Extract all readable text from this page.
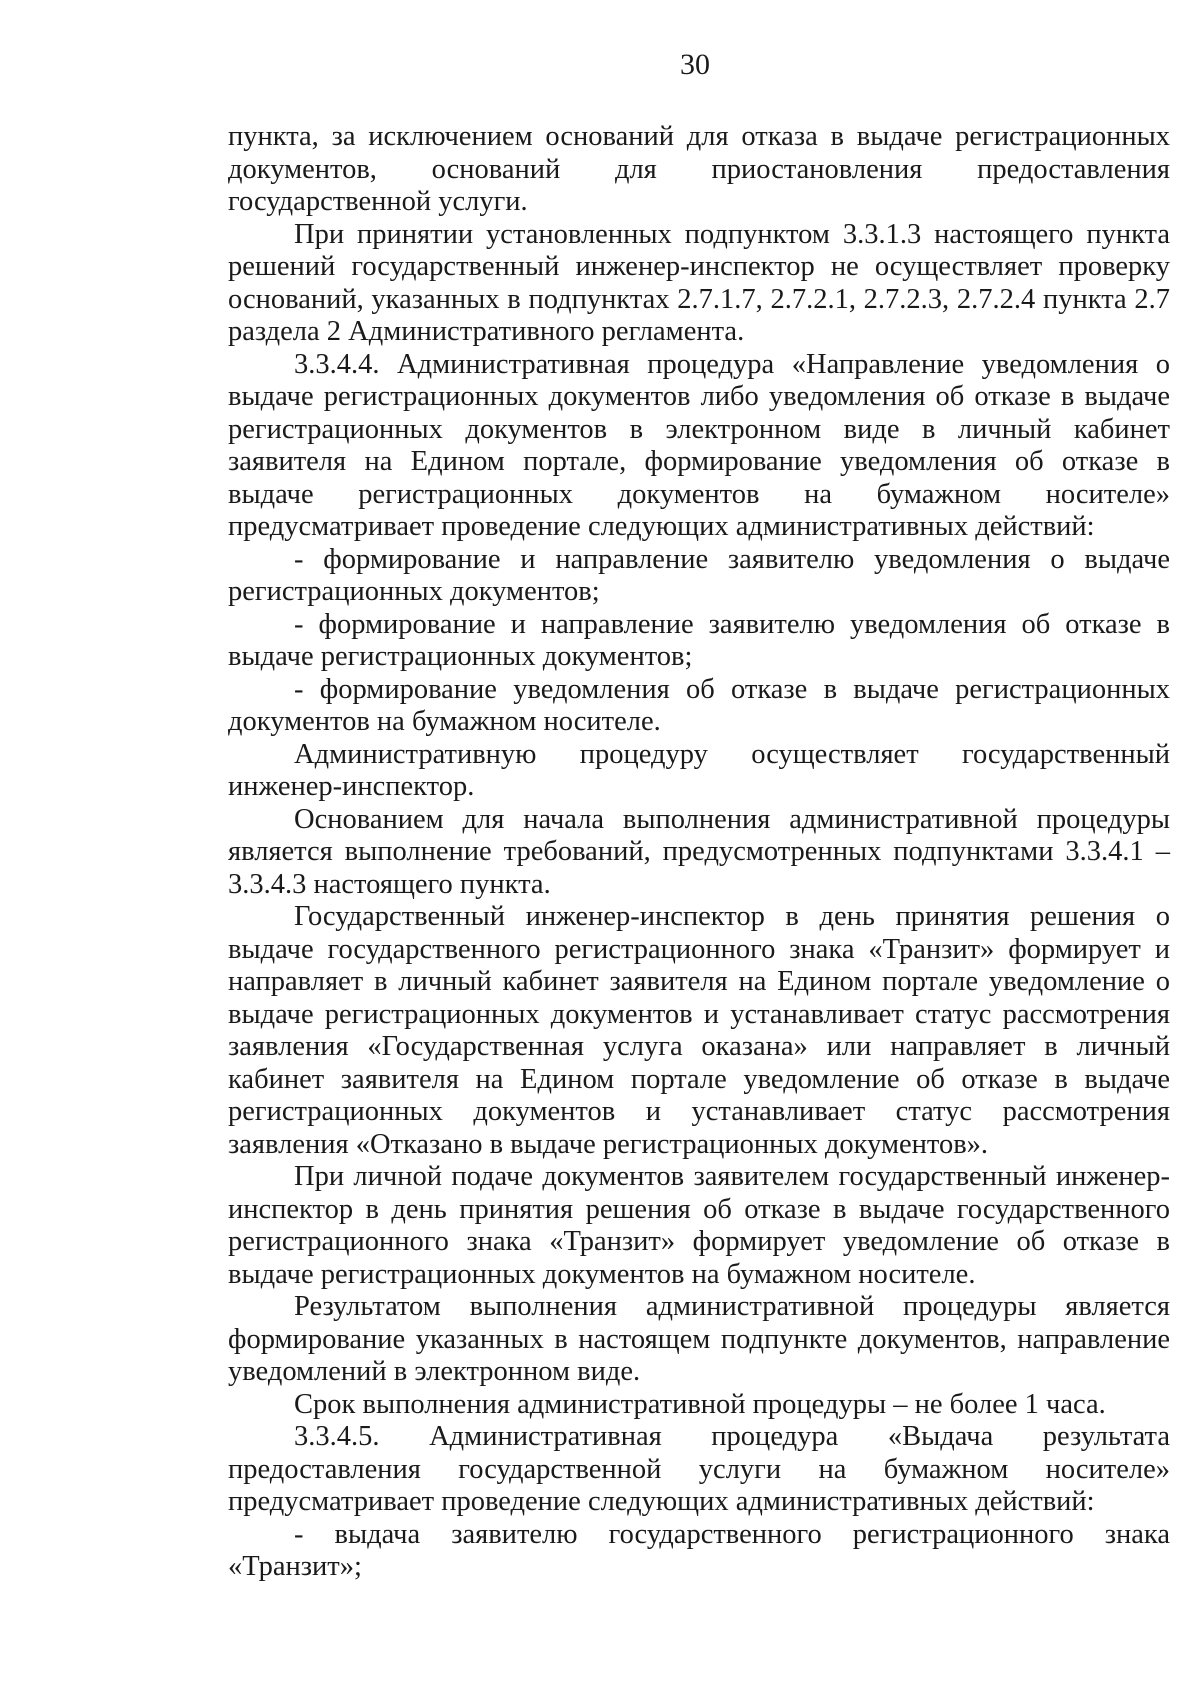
30

пункта, за исключением оснований для отказа в выдаче регистрационных документов, оснований для приостановления предоставления государственной услуги.

При принятии установленных подпунктом 3.3.1.3 настоящего пункта решений государственный инженер-инспектор не осуществляет проверку оснований, указанных в подпунктах 2.7.1.7, 2.7.2.1, 2.7.2.3, 2.7.2.4 пункта 2.7 раздела 2 Административного регламента.

3.3.4.4. Административная процедура «Направление уведомления о выдаче регистрационных документов либо уведомления об отказе в выдаче регистрационных документов в электронном виде в личный кабинет заявителя на Едином портале, формирование уведомления об отказе в выдаче регистрационных документов на бумажном носителе» предусматривает проведение следующих административных действий:

- формирование и направление заявителю уведомления о выдаче регистрационных документов;

- формирование и направление заявителю уведомления об отказе в выдаче регистрационных документов;

- формирование уведомления об отказе в выдаче регистрационных документов на бумажном носителе.

Административную процедуру осуществляет государственный инженер-инспектор.

Основанием для начала выполнения административной процедуры является выполнение требований, предусмотренных подпунктами 3.3.4.1 – 3.3.4.3 настоящего пункта.

Государственный инженер-инспектор в день принятия решения о выдаче государственного регистрационного знака «Транзит» формирует и направляет в личный кабинет заявителя на Едином портале уведомление о выдаче регистрационных документов и устанавливает статус рассмотрения заявления «Государственная услуга оказана» или направляет в личный кабинет заявителя на Едином портале уведомление об отказе в выдаче регистрационных документов и устанавливает статус рассмотрения заявления «Отказано в выдаче регистрационных документов».

При личной подаче документов заявителем государственный инженер-инспектор в день принятия решения об отказе в выдаче государственного регистрационного знака «Транзит» формирует уведомление об отказе в выдаче регистрационных документов на бумажном носителе.

Результатом выполнения административной процедуры является формирование указанных в настоящем подпункте документов, направление уведомлений в электронном виде.

Срок выполнения административной процедуры – не более 1 часа.

3.3.4.5. Административная процедура «Выдача результата предоставления государственной услуги на бумажном носителе» предусматривает проведение следующих административных действий:

- выдача заявителю государственного регистрационного знака «Транзит»;
